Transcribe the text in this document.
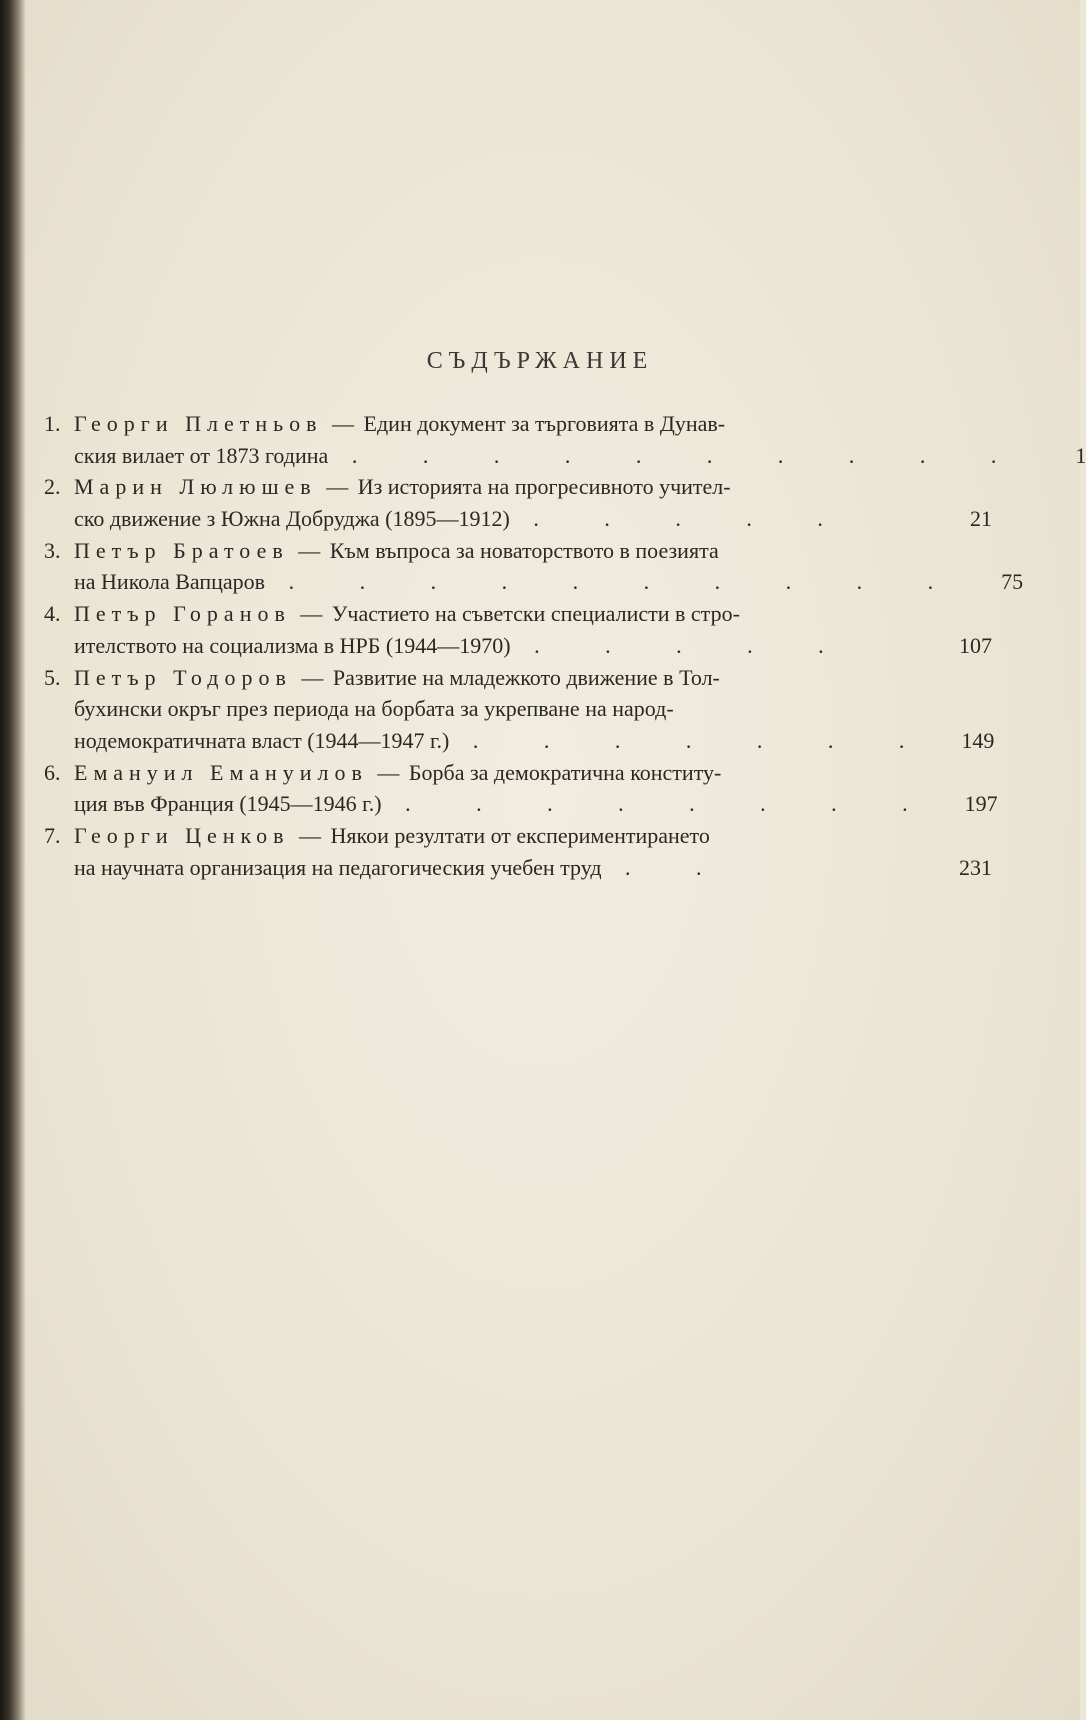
СЪДЪРЖАНИЕ
1. Георги Плетньов — Един документ за търговията в Дунав-
ския вилает от 1873 година . . . . . . . . . .	1
2. Марин Люлюшев — Из историята на прогресивното учител-
ско движение з Южна Добруджа (1895—1912) . . . . .	21
3. Петър Братоев — Към въпроса за новаторството в поезията
на Никола Вапцаров . . . . . . . . . .	75
4. Петър Горанов — Участието на съветски специалисти в стро-
ителството на социализма в НРБ (1944—1970) . . . . .	107
5. Петър Тодоров — Развитие на младежкото движение в Тол-
бухински окръг през периода на борбата за укрепване на народ-
нодемократичната власт (1944—1947 г.) . . . . . . .	149
6. Емануил Емануилов — Борба за демократична конститу-
ция във Франция (1945—1946 г.) . . . . . . . .	197
7. Георги Ценков — Някои резултати от експериментирането
на научната организация на педагогическия учебен труд . .	231
